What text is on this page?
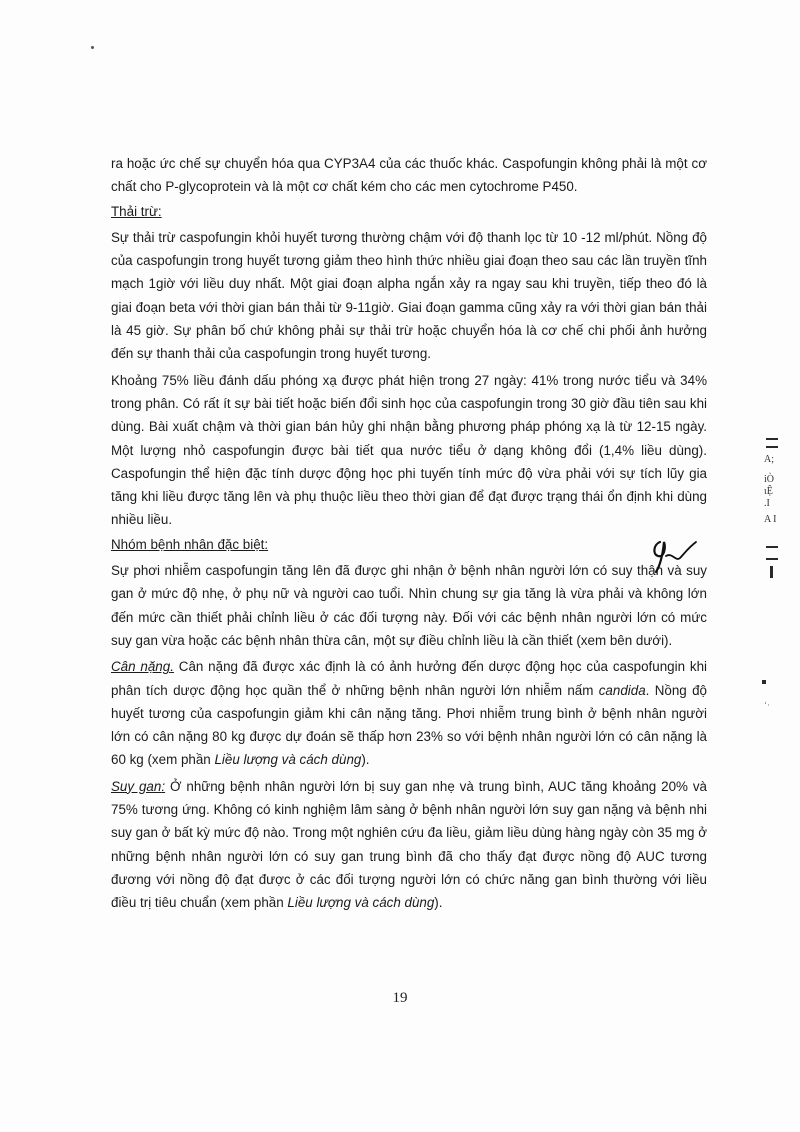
ra hoặc ức chế sự chuyển hóa qua CYP3A4 của các thuốc khác. Caspofungin không phải là một cơ chất cho P-glycoprotein và là một cơ chất kém cho các men cytochrome P450.

Thải trừ:

Sự thải trừ caspofungin khỏi huyết tương thường chậm với độ thanh lọc từ 10 -12 ml/phút. Nồng độ của caspofungin trong huyết tương giảm theo hình thức nhiều giai đoạn theo sau các lần truyền tĩnh mạch 1giờ với liều duy nhất. Một giai đoạn alpha ngắn xảy ra ngay sau khi truyền, tiếp theo đó là giai đoạn beta với thời gian bán thải từ 9-11giờ. Giai đoạn gamma cũng xảy ra với thời gian bán thải là 45 giờ. Sự phân bố chứ không phải sự thải trừ hoặc chuyển hóa là cơ chế chi phối ảnh hưởng đến sự thanh thải của caspofungin trong huyết tương.

Khoảng 75% liều đánh dấu phóng xạ được phát hiện trong 27 ngày: 41% trong nước tiểu và 34% trong phân. Có rất ít sự bài tiết hoặc biến đổi sinh học của caspofungin trong 30 giờ đầu tiên sau khi dùng. Bài xuất chậm và thời gian bán hủy ghi nhận bằng phương pháp phóng xạ là từ 12-15 ngày. Một lượng nhỏ caspofungin được bài tiết qua nước tiểu ở dạng không đổi (1,4% liều dùng). Caspofungin thể hiện đặc tính dược động học phi tuyến tính mức độ vừa phải với sự tích lũy gia tăng khi liều được tăng lên và phụ thuộc liều theo thời gian để đạt được trạng thái ổn định khi dùng nhiều liều.

Nhóm bệnh nhân đặc biệt:

Sự phơi nhiễm caspofungin tăng lên đã được ghi nhận ở bệnh nhân người lớn có suy thận và suy gan ở mức độ nhẹ, ở phụ nữ và người cao tuổi. Nhìn chung sự gia tăng là vừa phải và không lớn đến mức cần thiết phải chỉnh liều ở các đối tượng này. Đối với các bệnh nhân người lớn có mức suy gan vừa hoặc các bệnh nhân thừa cân, một sự điều chỉnh liều là cần thiết (xem bên dưới).

Cân nặng. Cân nặng đã được xác định là có ảnh hưởng đến dược động học của caspofungin khi phân tích dược động học quần thể ở những bệnh nhân người lớn nhiễm nấm candida. Nồng độ huyết tương của caspofungin giảm khi cân nặng tăng. Phơi nhiễm trung bình ở bệnh nhân người lớn có cân nặng 80 kg được dự đoán sẽ thấp hơn 23% so với bệnh nhân người lớn có cân nặng là 60 kg (xem phần Liều lượng và cách dùng).

Suy gan: Ở những bệnh nhân người lớn bị suy gan nhẹ và trung bình, AUC tăng khoảng 20% và 75% tương ứng. Không có kinh nghiệm lâm sàng ở bệnh nhân người lớn suy gan nặng và bệnh nhi suy gan ở bất kỳ mức độ nào. Trong một nghiên cứu đa liều, giảm liều dùng hàng ngày còn 35 mg ở những bệnh nhân người lớn có suy gan trung bình đã cho thấy đạt được nồng độ AUC tương đương với nồng độ đạt được ở các đối tượng người lớn có chức năng gan bình thường với liều điều trị tiêu chuẩn (xem phần Liều lượng và cách dùng).

A;
iÒ
ιỆ
.I
A I
ʻ·
19
